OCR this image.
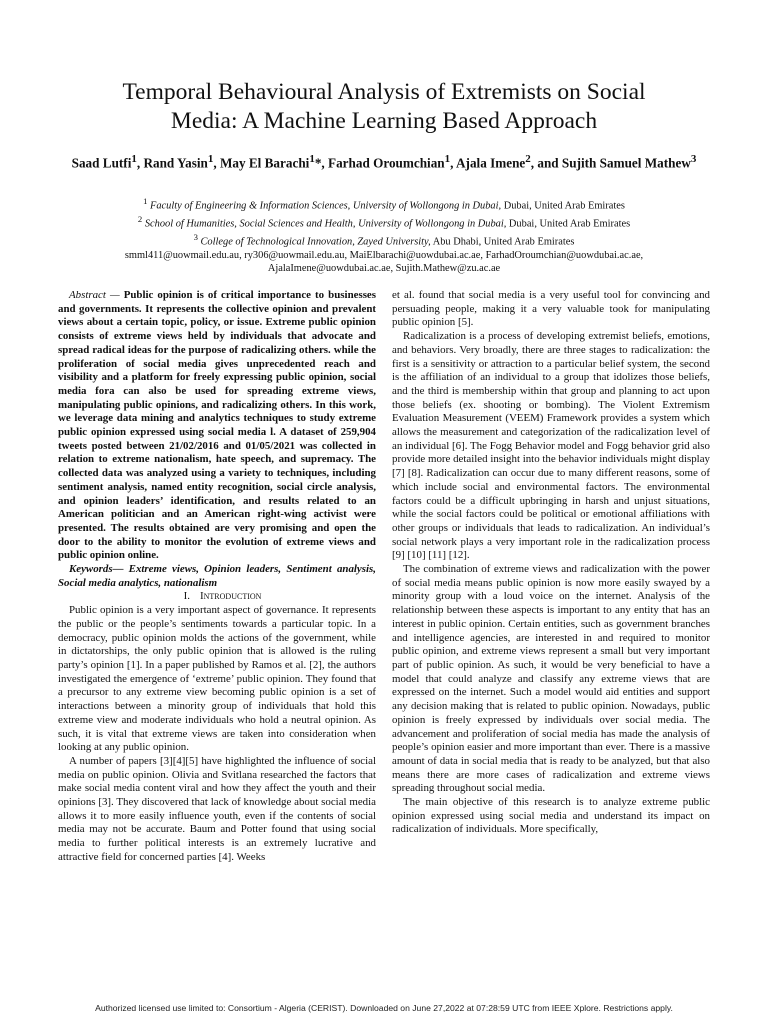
Temporal Behavioural Analysis of Extremists on Social
Media: A Machine Learning Based Approach
Saad Lutfi$^1$, Rand Yasin$^1$, May El Barachi$^1$*, Farhad Oroumchian$^1$, Ajala Imene$^2$, and Sujith Samuel Mathew$^3$
$^1$ Faculty of Engineering & Information Sciences, University of Wollongong in Dubai, Dubai, United Arab Emirates
$^2$ School of Humanities, Social Sciences and Health, University of Wollongong in Dubai, Dubai, United Arab Emirates
$^3$ College of Technological Innovation, Zayed University, Abu Dhabi, United Arab Emirates
smml411@uowmail.edu.au, ry306@uowmail.edu.au, MaiElbarachi@uowdubai.ac.ae, FarhadOroumchian@uowdubai.ac.ae,
AjalaImene@uowdubai.ac.ae, Sujith.Mathew@zu.ac.ae

Abstract — Public opinion is of critical importance to businesses and governments. It represents the collective opinion and prevalent views about a certain topic, policy, or issue. Extreme public opinion consists of extreme views held by individuals that advocate and spread radical ideas for the purpose of radicalizing others. while the proliferation of social media gives unprecedented reach and visibility and a platform for freely expressing public opinion, social media fora can also be used for spreading extreme views, manipulating public opinions, and radicalizing others. In this work, we leverage data mining and analytics techniques to study extreme public opinion expressed using social media l. A dataset of 259,904 tweets posted between 21/02/2016 and 01/05/2021 was collected in relation to extreme nationalism, hate speech, and supremacy. The collected data was analyzed using a variety to techniques, including sentiment analysis, named entity recognition, social circle analysis, and opinion leaders’ identification, and results related to an American politician and an American right-wing activist were presented. The results obtained are very promising and open the door to the ability to monitor the evolution of extreme views and public opinion online.

Keywords— Extreme views, Opinion leaders, Sentiment analysis, Social media analytics, nationalism

I. Introduction

Public opinion is a very important aspect of governance. It represents the public or the people’s sentiments towards a particular topic. In a democracy, public opinion molds the actions of the government, while in dictatorships, the only public opinion that is allowed is the ruling party’s opinion [1]. In a paper published by Ramos et al. [2], the authors investigated the emergence of ‘extreme’ public opinion. They found that a precursor to any extreme view becoming public opinion is a set of interactions between a minority group of individuals that hold this extreme view and moderate individuals who hold a neutral opinion. As such, it is vital that extreme views are taken into consideration when looking at any public opinion.

A number of papers [3][4][5] have highlighted the influence of social media on public opinion. Olivia and Svitlana researched the factors that make social media content viral and how they affect the youth and their opinions [3]. They discovered that lack of knowledge about social media allows it to more easily influence youth, even if the contents of social media may not be accurate. Baum and Potter found that using social media to further political interests is an extremely lucrative and attractive field for concerned parties [4]. Weeks

et al. found that social media is a very useful tool for convincing and persuading people, making it a very valuable took for manipulating public opinion [5].

Radicalization is a process of developing extremist beliefs, emotions, and behaviors. Very broadly, there are three stages to radicalization: the first is a sensitivity or attraction to a particular belief system, the second is the affiliation of an individual to a group that idolizes those beliefs, and the third is membership within that group and planning to act upon those beliefs (ex. shooting or bombing). The Violent Extremism Evaluation Measurement (VEEM) Framework provides a system which allows the measurement and categorization of the radicalization level of an individual [6]. The Fogg Behavior model and Fogg behavior grid also provide more detailed insight into the behavior individuals might display [7] [8]. Radicalization can occur due to many different reasons, some of which include social and environmental factors. The environmental factors could be a difficult upbringing in harsh and unjust situations, while the social factors could be political or emotional affiliations with other groups or individuals that leads to radicalization. An individual’s social network plays a very important role in the radicalization process [9] [10] [11] [12].

The combination of extreme views and radicalization with the power of social media means public opinion is now more easily swayed by a minority group with a loud voice on the internet. Analysis of the relationship between these aspects is important to any entity that has an interest in public opinion. Certain entities, such as government branches and intelligence agencies, are interested in and required to monitor public opinion, and extreme views represent a small but very important part of public opinion. As such, it would be very beneficial to have a model that could analyze and classify any extreme views that are expressed on the internet. Such a model would aid entities and support any decision making that is related to public opinion. Nowadays, public opinion is freely expressed by individuals over social media. The advancement and proliferation of social media has made the analysis of people’s opinion easier and more important than ever. There is a massive amount of data in social media that is ready to be analyzed, but that also means there are more cases of radicalization and extreme views spreading throughout social media.

The main objective of this research is to analyze extreme public opinion expressed using social media and understand its impact on radicalization of individuals. More specifically,

Authorized licensed use limited to: Consortium - Algeria (CERIST). Downloaded on June 27,2022 at 07:28:59 UTC from IEEE Xplore. Restrictions apply.
